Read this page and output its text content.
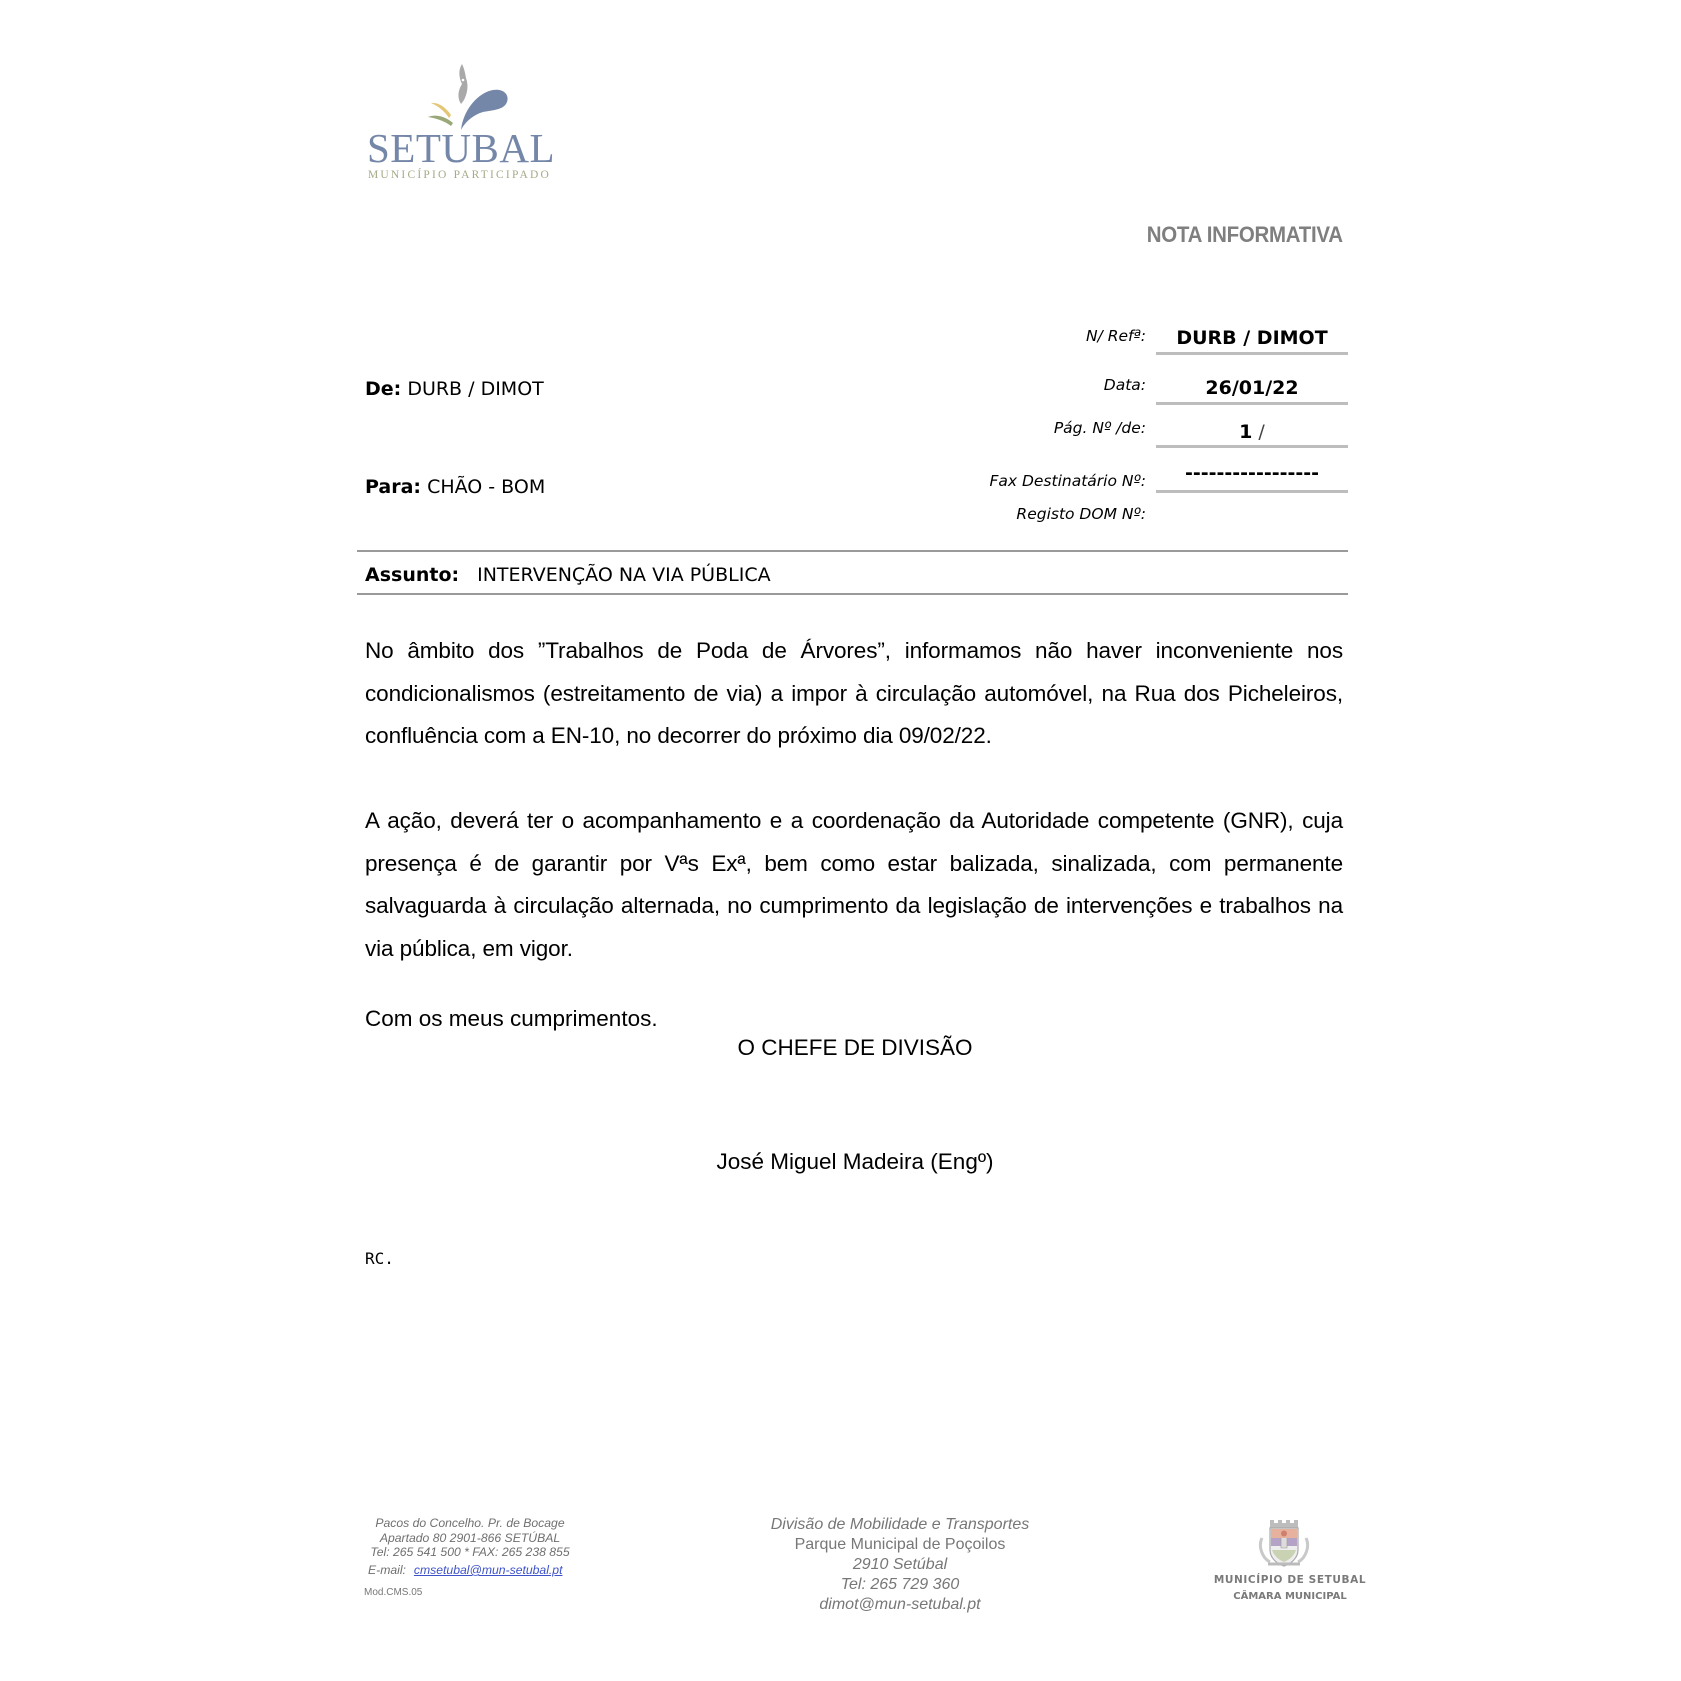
SETUBAL
MUNICÍPIO PARTICIPADO
NOTA INFORMATIVA
N/ Refª:	DURB / DIMOT
Data:	26/01/22
Pág. Nº /de:	1 /
Fax Destinatário Nº:	-----------------
Registo DOM Nº:
De: DURB / DIMOT
Para: CHÃO - BOM
Assunto: INTERVENÇÃO NA VIA PÚBLICA
No âmbito dos ”Trabalhos de Poda de Árvores”, informamos não haver inconveniente nos condicionalismos (estreitamento de via) a impor à circulação automóvel, na Rua dos Picheleiros, confluência com a EN-10, no decorrer do próximo dia 09/02/22.
A ação, deverá ter o acompanhamento e a coordenação da Autoridade competente (GNR), cuja presença é de garantir por Vªs Exª, bem como estar balizada, sinalizada, com permanente salvaguarda à circulação alternada, no cumprimento da legislação de intervenções e trabalhos na via pública, em vigor.
Com os meus cumprimentos.
O CHEFE DE DIVISÃO
José Miguel Madeira (Engº)
RC.
Pacos do Concelho. Pr. de Bocage
Apartado 80 2901-866 SETÚBAL
Tel: 265 541 500 * FAX: 265 238 855
E-mail: cmsetubal@mun-setubal.pt
Mod.CMS.05
Divisão de Mobilidade e Transportes
Parque Municipal de Poçoilos
2910 Setúbal
Tel: 265 729 360
dimot@mun-setubal.pt
MUNICÍPIO DE SETUBAL
CÂMARA MUNICIPAL
